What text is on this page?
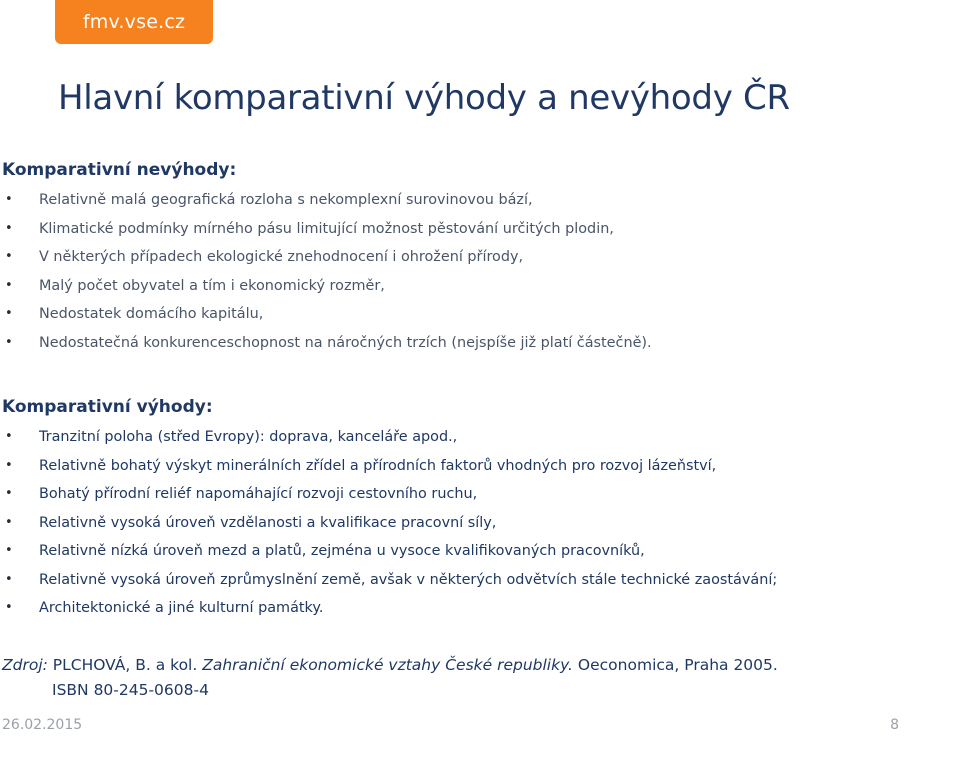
fmv.vse.cz
Hlavní komparativní výhody a nevýhody ČR
Komparativní nevýhody:
• Relativně malá geografická rozloha s nekomplexní surovinovou bází,
• Klimatické podmínky mírného pásu limitující možnost pěstování určitých plodin,
• V některých případech ekologické znehodnocení i ohrožení přírody,
• Malý počet obyvatel a tím i ekonomický rozměr,
• Nedostatek domácího kapitálu,
• Nedostatečná konkurenceschopnost na náročných trzích (nejspíše již platí částečně).
Komparativní výhody:
• Tranzitní poloha (střed Evropy): doprava, kanceláře apod.,
• Relativně bohatý výskyt minerálních zřídel a přírodních faktorů vhodných pro rozvoj lázeňství,
• Bohatý přírodní reliéf napomáhající rozvoji cestovního ruchu,
• Relativně vysoká úroveň vzdělanosti a kvalifikace pracovní síly,
• Relativně nízká úroveň mezd a platů, zejména u vysoce kvalifikovaných pracovníků,
• Relativně vysoká úroveň zprůmyslnění země, avšak v některých odvětvích stále technické zaostávání;
• Architektonické a jiné kulturní památky.
Zdroj: PLCHOVÁ, B. a kol. Zahraniční ekonomické vztahy České republiky. Oeconomica, Praha 2005.
ISBN 80-245-0608-4
26.02.2015	8
